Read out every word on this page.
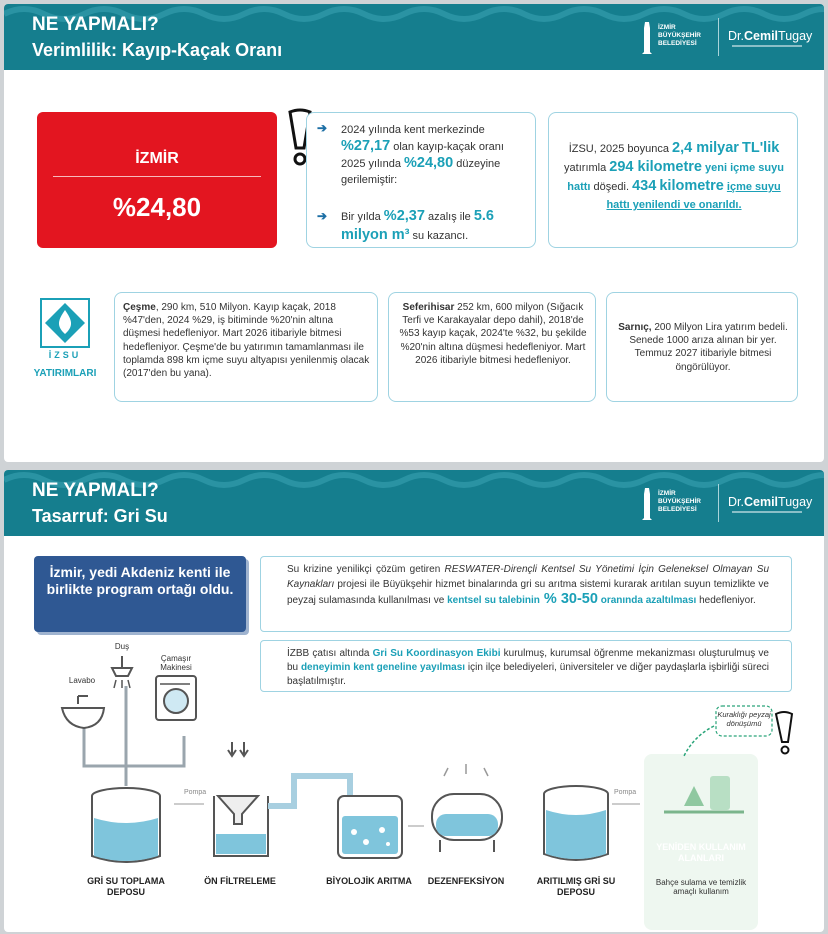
NE YAPMALI?
Verimlilik: Kayıp-Kaçak Oranı
İZMİR
BÜYÜKŞEHİR
BELEDİYESİ
Dr.CemilTugay
İZMİR
%24,80
➔ 2024 yılında kent merkezinde
%27,17 olan kayıp-kaçak oranı
2025 yılında %24,80 düzeyine
gerilemiştir:
➔ Bir yılda %2,37 azalış ile 5.6
milyon m³ su kazancı.
İZSU, 2025 boyunca 2,4 milyar TL'lik yatırımla 294 kilometre yeni içme suyu hattı döşedi. 434 kilometre içme suyu hattı yenilendi ve onarıldı.
İZSU
YATIRIMLARI
Çeşme, 290 km, 510 Milyon. Kayıp kaçak, 2018 %47'den, 2024 %29, iş bitiminde %20'nin altına düşmesi hedefleniyor. Mart 2026 itibariyle bitmesi hedefleniyor. Çeşme'de bu yatırımın tamamlanması ile toplamda 898 km içme suyu altyapısı yenilenmiş olacak (2017'den bu yana).
Seferihisar 252 km, 600 milyon (Sığacık Terfi ve Karakayalar depo dahil), 2018'de %53 kayıp kaçak, 2024'te %32, bu şekilde %20'nin altına düşmesi hedefleniyor. Mart 2026 itibariyle bitmesi hedefleniyor.
Sarnıç, 200 Milyon Lira yatırım bedeli. Senede 1000 arıza alınan bir yer. Temmuz 2027 itibariyle bitmesi öngörülüyor.
NE YAPMALI?
Tasarruf: Gri Su
İZMİR
BÜYÜKŞEHİR
BELEDİYESİ
Dr.CemilTugay
İzmir, yedi Akdeniz kenti ile birlikte program ortağı oldu.
Su krizine yenilikçi çözüm getiren RESWATER-Dirençli Kentsel Su Yönetimi İçin Geleneksel Olmayan Su Kaynakları projesi ile Büyükşehir hizmet binalarında gri su arıtma sistemi kurarak arıtılan suyun temizlikte ve peyzaj sulamasında kullanılması ve kentsel su talebinin % 30-50 oranında azaltılması hedefleniyor.
İZBB çatısı altında Gri Su Koordinasyon Ekibi kurulmuş, kurumsal öğrenme mekanizması oluşturulmuş ve bu deneyimin kent geneline yayılması için ilçe belediyeleri, üniversiteler ve diğer paydaşlarla işbirliği süreci başlatılmıştır.
Pompa	Pompa
Lavabo
Duş
Çamaşır Makinesi
GRİ SU TOPLAMA DEPOSU
ÖN FİLTRELEME	BİYOLOJİK ARITMA	DEZENFEKSİYON	ARITILMIŞ GRİ SU DEPOSU
Kuraklığı peyzaj dönüşümü
YENİDEN KULLANIM ALANLARI
Bahçe sulama ve temizlik amaçlı kullanım
